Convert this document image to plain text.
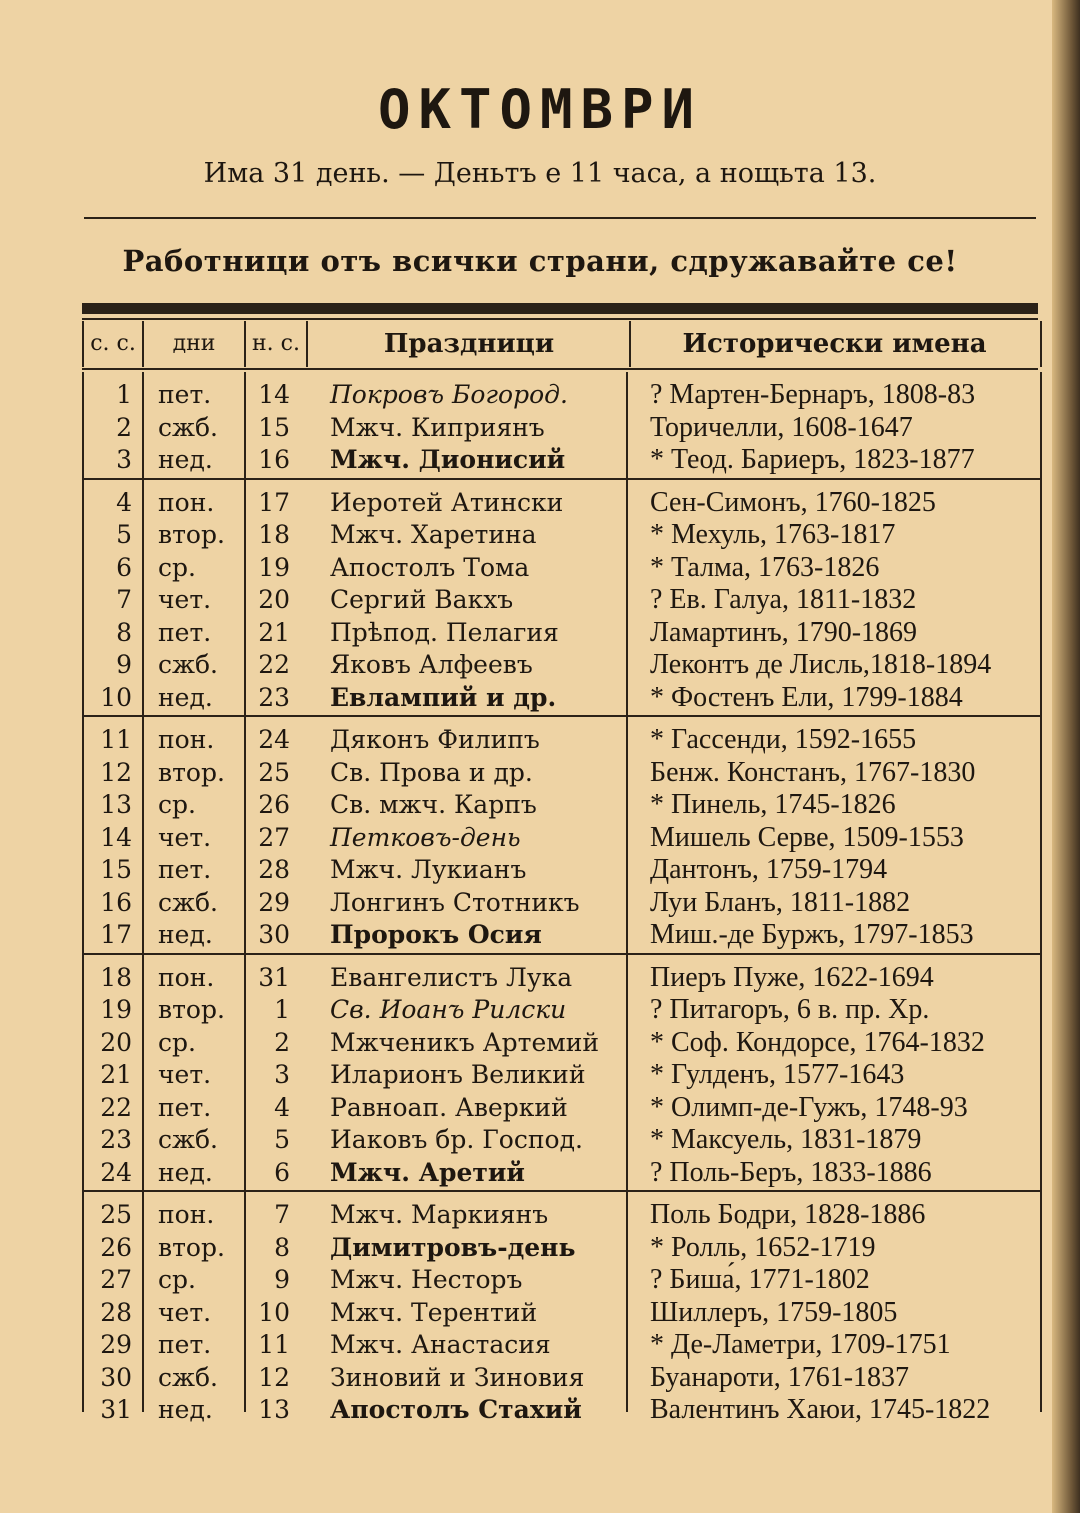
ОКТОМВРИ
Има 31 день. — Деньтъ е 11 часа, а нощьта 13.
Работници отъ всички страни, сдружавайте се!
с. с.	дни	н. с.	Праздници	Исторически имена
1 пет.	14 Покровъ Богород.	? Мартен-Бернаръ, 1808-83
2 сжб.	15 Мжч. Киприянъ	Торичелли, 1608-1647
3 нед.	16 Мжч. Дионисий	* Теод. Бариеръ, 1823-1877
4 пон.	17 Иеротей Атински	Сен-Симонъ, 1760-1825
5 втор.	18 Мжч. Харетина	* Мехуль, 1763-1817
6 ср.	19 Апостолъ Тома	* Талма, 1763-1826
7 чет.	20 Сергий Вакхъ	? Ев. Галуа, 1811-1832
8 пет.	21 Прѣпод. Пелагия	Ламартинъ, 1790-1869
9 сжб.	22 Яковъ Алфеевъ	Леконтъ де Лисль,1818-1894
10 нед.	23 Евлампий и др.	* Фостенъ Ели, 1799-1884
11 пон.	24 Дяконъ Филипъ	* Гассенди, 1592-1655
12 втор.	25 Св. Прова и др.	Бенж. Констанъ, 1767-1830
13 ср.	26 Св. мжч. Карпъ	* Пинель, 1745-1826
14 чет.	27 Петковъ-день	Мишель Серве, 1509-1553
15 пет.	28 Мжч. Лукианъ	Дантонъ, 1759-1794
16 сжб.	29 Лонгинъ Стотникъ	Луи Бланъ, 1811-1882
17 нед.	30 Пророкъ Осия	Миш.-де Буржъ, 1797-1853
18 пон.	31 Евангелистъ Лука	Пиеръ Пуже, 1622-1694
19 втор.	1 Св. Иоанъ Рилски	? Питагоръ, 6 в. пр. Хр.
20 ср.	2 Мжченикъ Артемий	* Соф. Кондорсе, 1764-1832
21 чет.	3 Иларионъ Великий	* Гулденъ, 1577-1643
22 пет.	4 Равноап. Аверкий	* Олимп-де-Гужъ, 1748-93
23 сжб.	5 Иаковъ бр. Господ.	* Максуель, 1831-1879
24 нед.	6 Мжч. Аретий	? Поль-Беръ, 1833-1886
25 пон.	7 Мжч. Маркиянъ	Поль Бодри, 1828-1886
26 втор.	8 Димитровъ-день	* Ролль, 1652-1719
27 ср.	9 Мжч. Несторъ	? Биша́, 1771-1802
28 чет.	10 Мжч. Терентий	Шиллеръ, 1759-1805
29 пет.	11 Мжч. Анастасия	* Де-Ламетри, 1709-1751
30 сжб.	12 Зиновий и Зиновия	Буанароти, 1761-1837
31 нед.	13 Апостолъ Стахий	Валентинъ Хаюи, 1745-1822
